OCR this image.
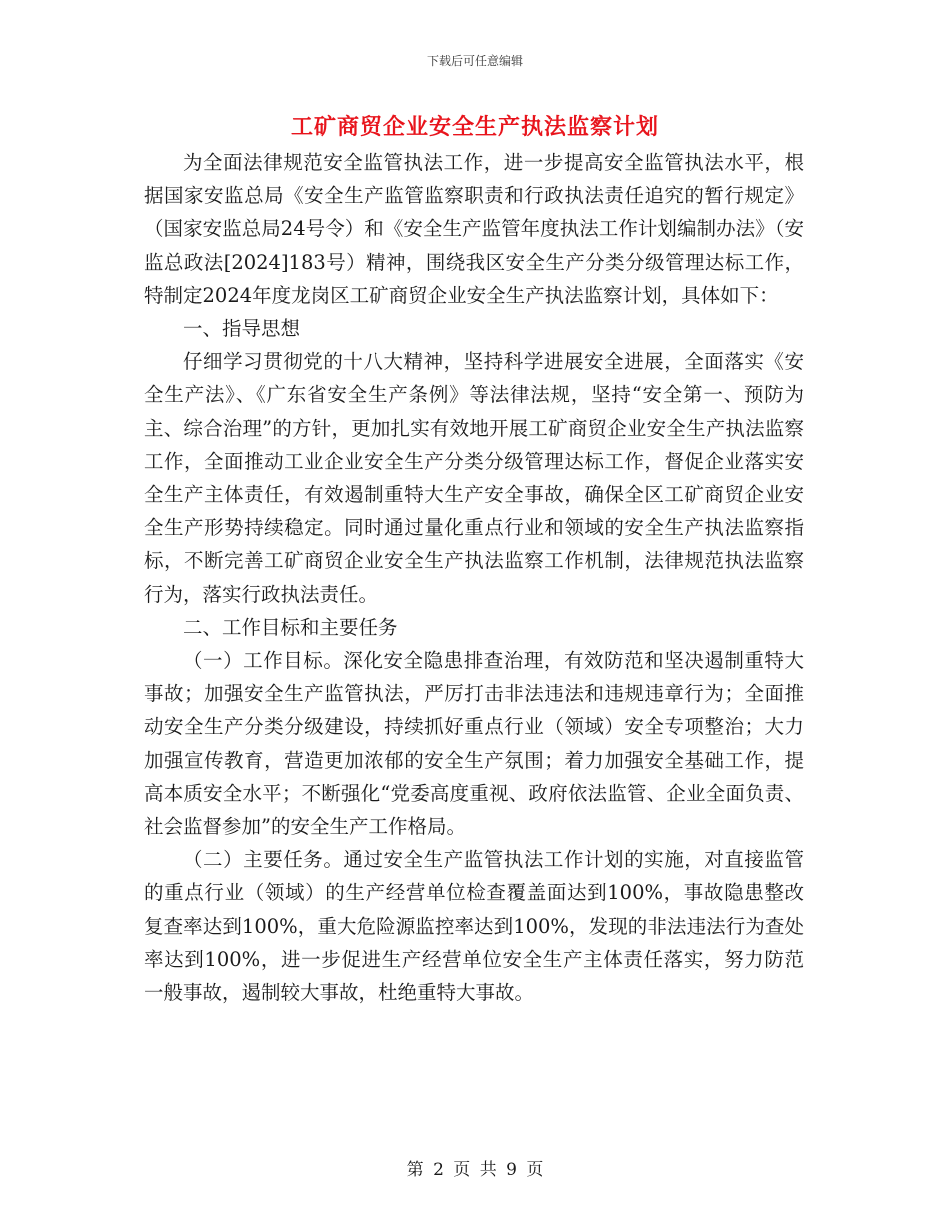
下载后可任意编辑
工矿商贸企业安全生产执法监察计划

为全面法律规范安全监管执法工作，进一步提高安全监管执法水平，根据国家安监总局《安全生产监管监察职责和行政执法责任追究的暂行规定》（国家安监总局24号令）和《安全生产监管年度执法工作计划编制办法》（安监总政法[2024]183号）精神，围绕我区安全生产分类分级管理达标工作，特制定2024年度龙岗区工矿商贸企业安全生产执法监察计划，具体如下：

一、指导思想

仔细学习贯彻党的十八大精神，坚持科学进展安全进展，全面落实《安全生产法》、《广东省安全生产条例》等法律法规，坚持“安全第一、预防为主、综合治理”的方针，更加扎实有效地开展工矿商贸企业安全生产执法监察工作，全面推动工业企业安全生产分类分级管理达标工作，督促企业落实安全生产主体责任，有效遏制重特大生产安全事故，确保全区工矿商贸企业安全生产形势持续稳定。同时通过量化重点行业和领域的安全生产执法监察指标，不断完善工矿商贸企业安全生产执法监察工作机制，法律规范执法监察行为，落实行政执法责任。

二、工作目标和主要任务

（一）工作目标。深化安全隐患排查治理，有效防范和坚决遏制重特大事故；加强安全生产监管执法，严厉打击非法违法和违规违章行为；全面推动安全生产分类分级建设，持续抓好重点行业（领域）安全专项整治；大力加强宣传教育，营造更加浓郁的安全生产氛围；着力加强安全基础工作，提高本质安全水平；不断强化“党委高度重视、政府依法监管、企业全面负责、社会监督参加”的安全生产工作格局。

（二）主要任务。通过安全生产监管执法工作计划的实施，对直接监管的重点行业（领域）的生产经营单位检查覆盖面达到100%，事故隐患整改复查率达到100%，重大危险源监控率达到100%，发现的非法违法行为查处率达到100%，进一步促进生产经营单位安全生产主体责任落实，努力防范一般事故，遏制较大事故，杜绝重特大事故。

第 2 页 共 9 页
